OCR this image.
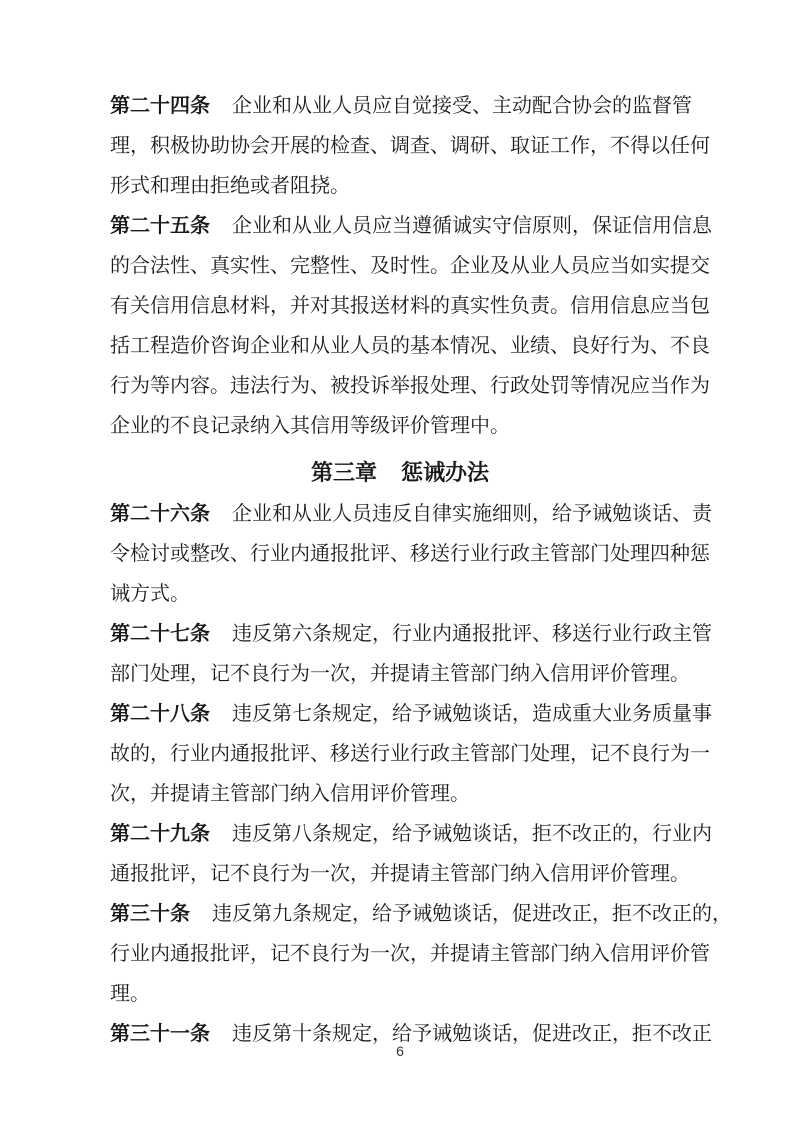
第二十四条 企业和从业人员应自觉接受、主动配合协会的监督管
理，积极协助协会开展的检查、调查、调研、取证工作，不得以任何
形式和理由拒绝或者阻挠。
第二十五条 企业和从业人员应当遵循诚实守信原则，保证信用信息
的合法性、真实性、完整性、及时性。企业及从业人员应当如实提交
有关信用信息材料，并对其报送材料的真实性负责。信用信息应当包
括工程造价咨询企业和从业人员的基本情况、业绩、良好行为、不良
行为等内容。违法行为、被投诉举报处理、行政处罚等情况应当作为
企业的不良记录纳入其信用等级评价管理中。
第三章 惩诫办法
第二十六条 企业和从业人员违反自律实施细则，给予诫勉谈话、责
令检讨或整改、行业内通报批评、移送行业行政主管部门处理四种惩
诫方式。
第二十七条 违反第六条规定，行业内通报批评、移送行业行政主管
部门处理，记不良行为一次，并提请主管部门纳入信用评价管理。
第二十八条 违反第七条规定，给予诫勉谈话，造成重大业务质量事
故的，行业内通报批评、移送行业行政主管部门处理，记不良行为一
次，并提请主管部门纳入信用评价管理。
第二十九条 违反第八条规定，给予诫勉谈话，拒不改正的，行业内
通报批评，记不良行为一次，并提请主管部门纳入信用评价管理。
第三十条 违反第九条规定，给予诫勉谈话，促进改正，拒不改正的，
行业内通报批评，记不良行为一次，并提请主管部门纳入信用评价管
理。
第三十一条 违反第十条规定，给予诫勉谈话，促进改正，拒不改正
6
